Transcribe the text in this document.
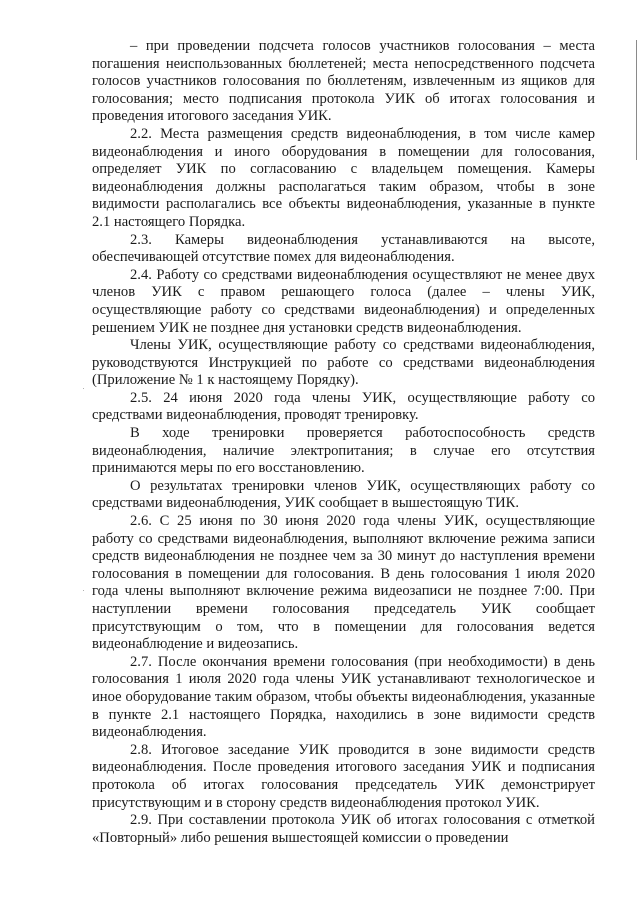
– при проведении подсчета голосов участников голосования – места погашения неиспользованных бюллетеней; места непосредственного подсчета голосов участников голосования по бюллетеням, извлеченным из ящиков для голосования; место подписания протокола УИК об итогах голосования и проведения итогового заседания УИК.

2.2. Места размещения средств видеонаблюдения, в том числе камер видеонаблюдения и иного оборудования в помещении для голосования, определяет УИК по согласованию с владельцем помещения. Камеры видеонаблюдения должны располагаться таким образом, чтобы в зоне видимости располагались все объекты видеонаблюдения, указанные в пункте 2.1 настоящего Порядка.

2.3. Камеры видеонаблюдения устанавливаются на высоте, обеспечивающей отсутствие помех для видеонаблюдения.

2.4. Работу со средствами видеонаблюдения осуществляют не менее двух членов УИК с правом решающего голоса (далее – члены УИК, осуществляющие работу со средствами видеонаблюдения) и определенных решением УИК не позднее дня установки средств видеонаблюдения.

Члены УИК, осуществляющие работу со средствами видеонаблюдения, руководствуются Инструкцией по работе со средствами видеонаблюдения (Приложение № 1 к настоящему Порядку).

2.5. 24 июня 2020 года члены УИК, осуществляющие работу со средствами видеонаблюдения, проводят тренировку.

В ходе тренировки проверяется работоспособность средств видеонаблюдения, наличие электропитания; в случае его отсутствия принимаются меры по его восстановлению.

О результатах тренировки членов УИК, осуществляющих работу со средствами видеонаблюдения, УИК сообщает в вышестоящую ТИК.

2.6. С 25 июня по 30 июня 2020 года члены УИК, осуществляющие работу со средствами видеонаблюдения, выполняют включение режима записи средств видеонаблюдения не позднее чем за 30 минут до наступления времени голосования в помещении для голосования. В день голосования 1 июля 2020 года члены выполняют включение режима видеозаписи не позднее 7:00. При наступлении времени голосования председатель УИК сообщает присутствующим о том, что в помещении для голосования ведется видеонаблюдение и видеозапись.

2.7. После окончания времени голосования (при необходимости) в день голосования 1 июля 2020 года члены УИК устанавливают технологическое и иное оборудование таким образом, чтобы объекты видеонаблюдения, указанные в пункте 2.1 настоящего Порядка, находились в зоне видимости средств видеонаблюдения.

2.8. Итоговое заседание УИК проводится в зоне видимости средств видеонаблюдения. После проведения итогового заседания УИК и подписания протокола об итогах голосования председатель УИК демонстрирует присутствующим и в сторону средств видеонаблюдения протокол УИК.

2.9. При составлении протокола УИК об итогах голосования с отметкой «Повторный» либо решения вышестоящей комиссии о проведении
